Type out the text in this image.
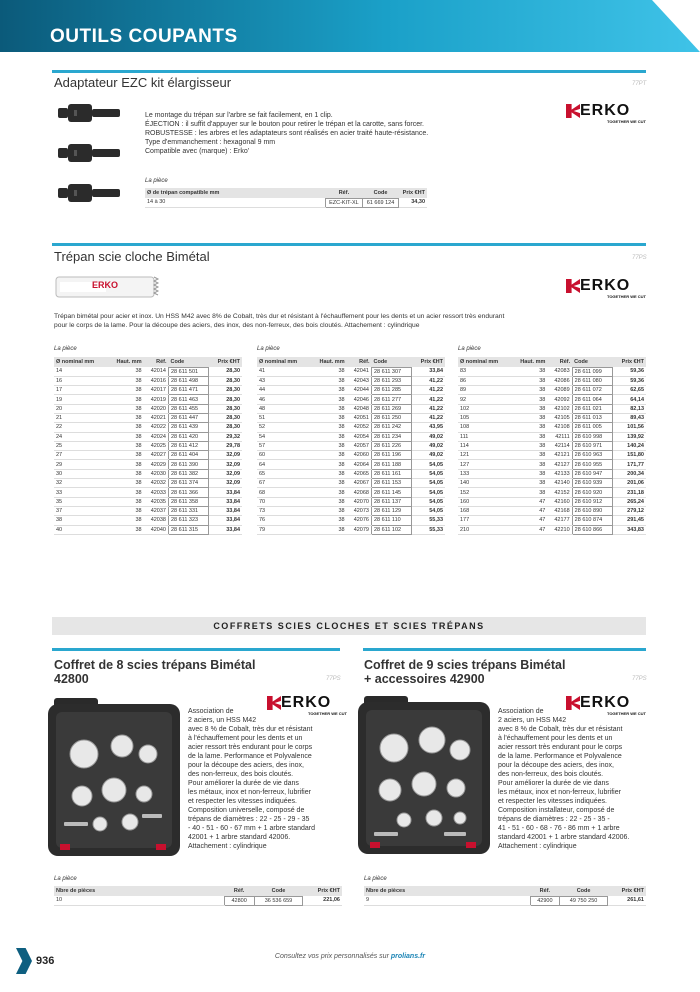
OUTILS COUPANTS
Adaptateur EZC kit élargisseur	77PT
Le montage du trépan sur l'arbre se fait facilement, en 1 clip.
ÉJECTION : il suffit d'appuyer sur le bouton pour retirer le trépan et la carotte, sans forcer.
ROBUSTESSE : les arbres et les adaptateurs sont réalisés en acier traité haute-résistance.
Type d'emmanchement : hexagonal 9 mm
Compatible avec (marque) : Erko'
ERKO
TOGETHER WE CUT
La pièce
Ø de trépan compatible mm	Réf.	Code	Prix €HT
14 à 30	EZC-KIT-XL	61 669 124	34,30
Trépan scie cloche Bimétal	77PS
ERKO	ERKO
TOGETHER WE CUT
Trépan bimétal pour acier et inox. Un HSS M42 avec 8% de Cobalt, très dur et résistant à l'échauffement pour les dents et un acier ressort très endurant
pour le corps de la lame. Pour la découpe des aciers, des inox, des non-ferreux, des bois cloutés. Attachement : cylindrique
La pièce	La pièce	La pièce
Ø nominal mm	Haut. mm	Réf.	Code	Prix €HT
14	38	42014	28 611 501	28,30
16	38	42016	28 611 498	28,30
17	38	42017	28 611 471	28,30
19	38	42019	28 611 463	28,30
20	38	42020	28 611 455	28,30
21	38	42021	28 611 447	28,30
22	38	42022	28 611 439	28,30
24	38	42024	28 611 420	29,32
25	38	42025	28 611 412	29,78
27	38	42027	28 611 404	32,09
29	38	42029	28 611 390	32,09
30	38	42030	28 611 382	32,09
32	38	42032	28 611 374	32,09
33	38	42033	28 611 366	33,84
35	38	42035	28 611 358	33,84
37	38	42037	28 611 331	33,84
38	38	42038	28 611 323	33,84
40	38	42040	28 611 315	33,84
Ø nominal mm	Haut. mm	Réf.	Code	Prix €HT
41	38	42041	28 611 307	33,84
43	38	42043	28 611 293	41,22
44	38	42044	28 611 285	41,22
46	38	42046	28 611 277	41,22
48	38	42048	28 611 269	41,22
51	38	42051	28 611 250	41,22
52	38	42052	28 611 242	43,95
54	38	42054	28 611 234	49,02
57	38	42057	28 611 226	49,02
60	38	42060	28 611 196	49,02
64	38	42064	28 611 188	54,05
65	38	42065	28 611 161	54,05
67	38	42067	28 611 153	54,05
68	38	42068	28 611 145	54,05
70	38	42070	28 611 137	54,05
73	38	42073	28 611 129	54,05
76	38	42076	28 611 110	55,33
79	38	42079	28 611 102	55,33
Ø nominal mm	Haut. mm	Réf.	Code	Prix €HT
83	38	42083	28 611 099	59,36
86	38	42086	28 611 080	59,36
89	38	42089	28 611 072	62,65
92	38	42092	28 611 064	64,14
102	38	42102	28 611 021	82,13
105	38	42105	28 611 013	89,43
108	38	42108	28 611 005	101,56
111	38	42111	28 610 998	139,92
114	38	42114	28 610 971	140,24
121	38	42121	28 610 963	151,80
127	38	42127	28 610 955	171,77
133	38	42133	28 610 947	200,34
140	38	42140	28 610 939	201,06
152	38	42152	28 610 920	231,18
160	47	42160	28 610 912	265,24
168	47	42168	28 610 890	279,12
177	47	42177	28 610 874	291,45
210	47	42210	28 610 866	343,83
COFFRETS SCIES CLOCHES ET SCIES TRÉPANS
Coffret de 8 scies trépans Bimétal
42800	77PS
ERKO
TOGETHER WE CUT
Association de
2 aciers, un HSS M42
avec 8 % de Cobalt, très dur et résistant
à l'échauffement pour les dents et un
acier ressort très endurant pour le corps
de la lame. Performance et Polyvalence
pour la découpe des aciers, des inox,
des non-ferreux, des bois cloutés.
Pour améliorer la durée de vie dans
les métaux, inox et non-ferreux, lubrifier
et respecter les vitesses indiquées.
Composition universelle, composé de
trépans de diamètres : 22 - 25 - 29 - 35
- 40 - 51 - 60 - 67 mm + 1 arbre standard
42001 + 1 arbre standard 42006.
Attachement : cylindrique
La pièce
Nbre de pièces	Réf.	Code	Prix €HT
10	42800	36 536 659	221,06
Coffret de 9 scies trépans Bimétal
+ accessoires 42900	77PS
ERKO
TOGETHER WE CUT
Association de
2 aciers, un HSS M42
avec 8 % de Cobalt, très dur et résistant
à l'échauffement pour les dents et un
acier ressort très endurant pour le corps
de la lame. Performance et Polyvalence
pour la découpe des aciers, des inox,
des non-ferreux, des bois cloutés.
Pour améliorer la durée de vie dans
les métaux, inox et non-ferreux, lubrifier
et respecter les vitesses indiquées.
Composition installateur, composé de
trépans de diamètres : 22 - 25 - 35 -
41 - 51 - 60 - 68 - 76 - 86 mm + 1 arbre
standard 42001 + 1 arbre standard 42006.
Attachement : cylindrique
La pièce
Nbre de pièces	Réf.	Code	Prix €HT
9	42900	49 750 250	261,61
936	Consultez vos prix personnalisés sur prolians.fr
